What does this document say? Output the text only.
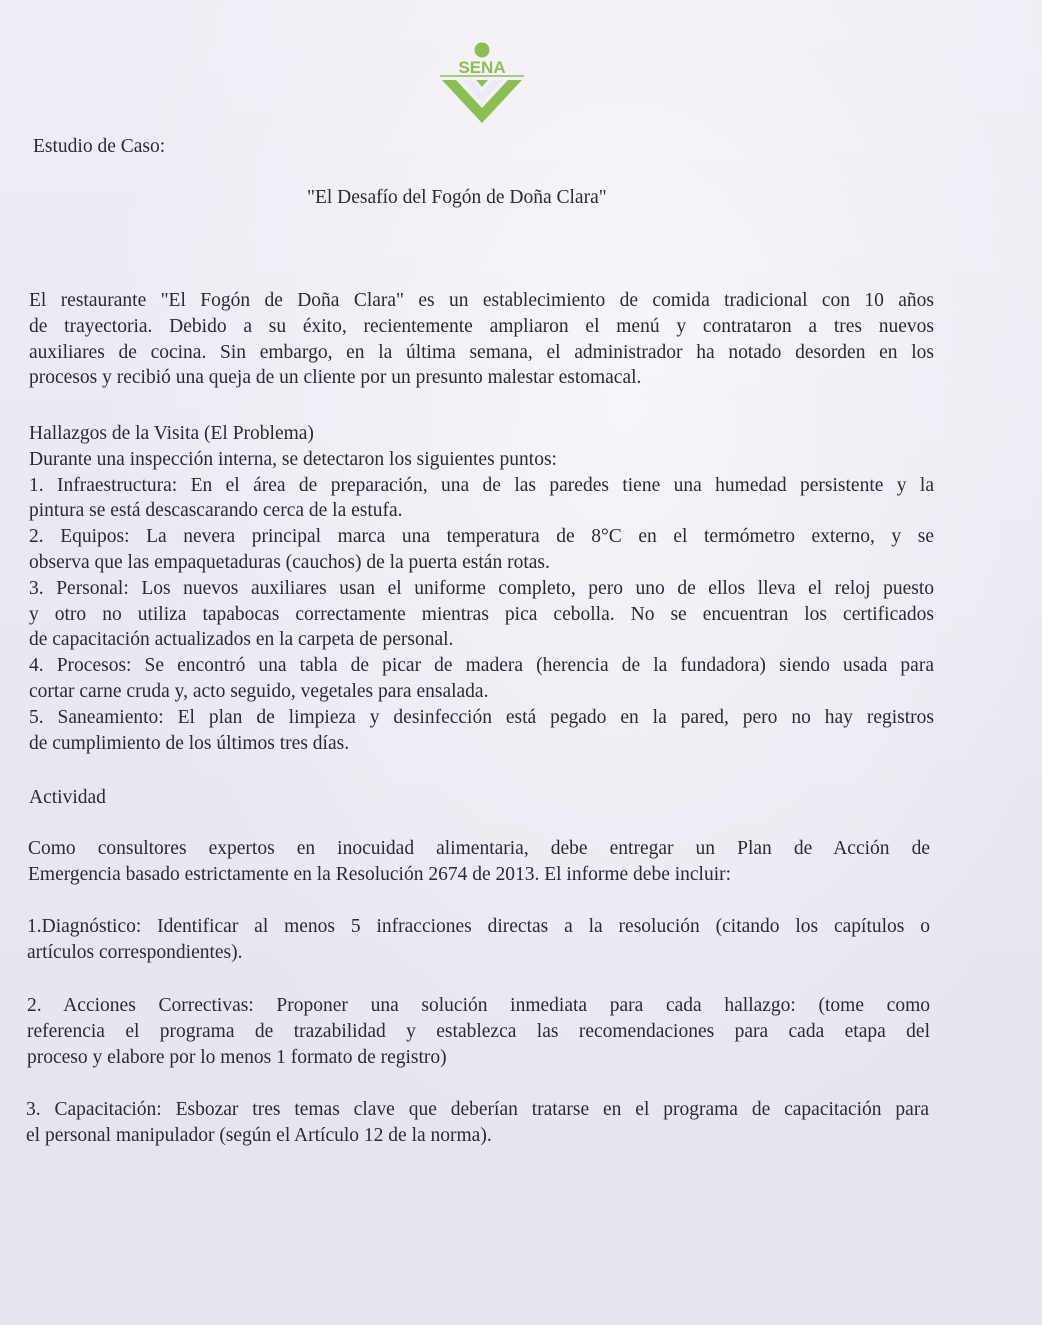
SENA
Estudio de Caso:
"El Desafío del Fogón de Doña Clara"
El restaurante "El Fogón de Doña Clara" es un establecimiento de comida tradicional con 10 años
de trayectoria. Debido a su éxito, recientemente ampliaron el menú y contrataron a tres nuevos
auxiliares de cocina. Sin embargo, en la última semana, el administrador ha notado desorden en los
procesos y recibió una queja de un cliente por un presunto malestar estomacal.
Hallazgos de la Visita (El Problema)
Durante una inspección interna, se detectaron los siguientes puntos:
1. Infraestructura: En el área de preparación, una de las paredes tiene una humedad persistente y la
pintura se está descascarando cerca de la estufa.
2. Equipos: La nevera principal marca una temperatura de 8°C en el termómetro externo, y se
observa que las empaquetaduras (cauchos) de la puerta están rotas.
3. Personal: Los nuevos auxiliares usan el uniforme completo, pero uno de ellos lleva el reloj puesto
y otro no utiliza tapabocas correctamente mientras pica cebolla. No se encuentran los certificados
de capacitación actualizados en la carpeta de personal.
4. Procesos: Se encontró una tabla de picar de madera (herencia de la fundadora) siendo usada para
cortar carne cruda y, acto seguido, vegetales para ensalada.
5. Saneamiento: El plan de limpieza y desinfección está pegado en la pared, pero no hay registros
de cumplimiento de los últimos tres días.
Actividad
Como consultores expertos en inocuidad alimentaria, debe entregar un Plan de Acción de
Emergencia basado estrictamente en la Resolución 2674 de 2013. El informe debe incluir:
1.Diagnóstico: Identificar al menos 5 infracciones directas a la resolución (citando los capítulos o
artículos correspondientes).
2. Acciones Correctivas: Proponer una solución inmediata para cada hallazgo: (tome como
referencia el programa de trazabilidad y establezca las recomendaciones para cada etapa del
proceso y elabore por lo menos 1 formato de registro)
3. Capacitación: Esbozar tres temas clave que deberían tratarse en el programa de capacitación para
el personal manipulador (según el Artículo 12 de la norma).
